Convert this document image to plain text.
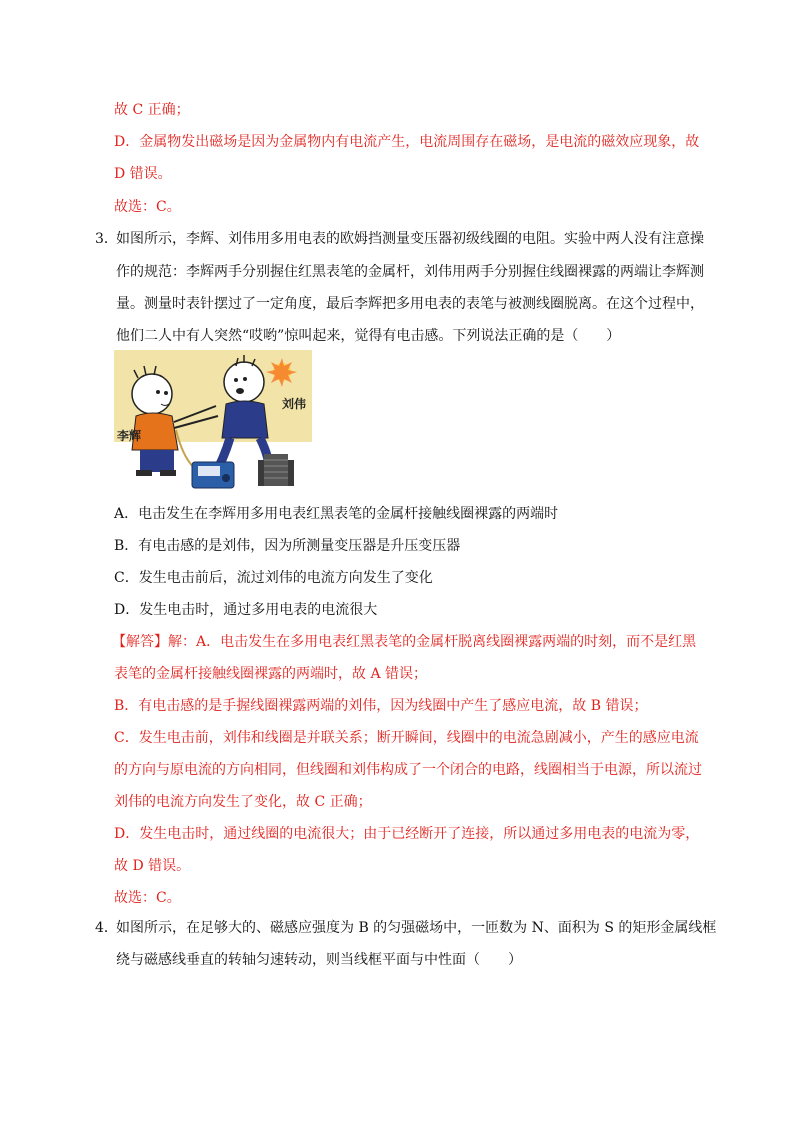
故 C 正确；
D．金属物发出磁场是因为金属物内有电流产生，电流周围存在磁场，是电流的磁效应现象，故
D 错误。
故选：C。
3．
如图所示，李辉、刘伟用多用电表的欧姆挡测量变压器初级线圈的电阻。实验中两人没有注意操
作的规范：李辉两手分别握住红黑表笔的金属杆，刘伟用两手分别握住线圈裸露的两端让李辉测
量。测量时表针摆过了一定角度，最后李辉把多用电表的表笔与被测线圈脱离。在这个过程中，
他们二人中有人突然“哎哟”惊叫起来，觉得有电击感。下列说法正确的是（　　）
李辉
刘伟
A．电击发生在李辉用多用电表红黑表笔的金属杆接触线圈裸露的两端时
B．有电击感的是刘伟，因为所测量变压器是升压变压器
C．发生电击前后，流过刘伟的电流方向发生了变化
D．发生电击时，通过多用电表的电流很大
【解答】解：A．电击发生在多用电表红黑表笔的金属杆脱离线圈裸露两端的时刻，而不是红黑
表笔的金属杆接触线圈裸露的两端时，故 A 错误；
B．有电击感的是手握线圈裸露两端的刘伟，因为线圈中产生了感应电流，故 B 错误；
C．发生电击前，刘伟和线圈是并联关系；断开瞬间，线圈中的电流急剧减小，产生的感应电流
的方向与原电流的方向相同，但线圈和刘伟构成了一个闭合的电路，线圈相当于电源，所以流过
刘伟的电流方向发生了变化，故 C 正确；
D．发生电击时，通过线圈的电流很大；由于已经断开了连接，所以通过多用电表的电流为零，
故 D 错误。
故选：C。
4．
如图所示，在足够大的、磁感应强度为 B 的匀强磁场中，一匝数为 N、面积为 S 的矩形金属线框
绕与磁感线垂直的转轴匀速转动，则当线框平面与中性面（　　）
